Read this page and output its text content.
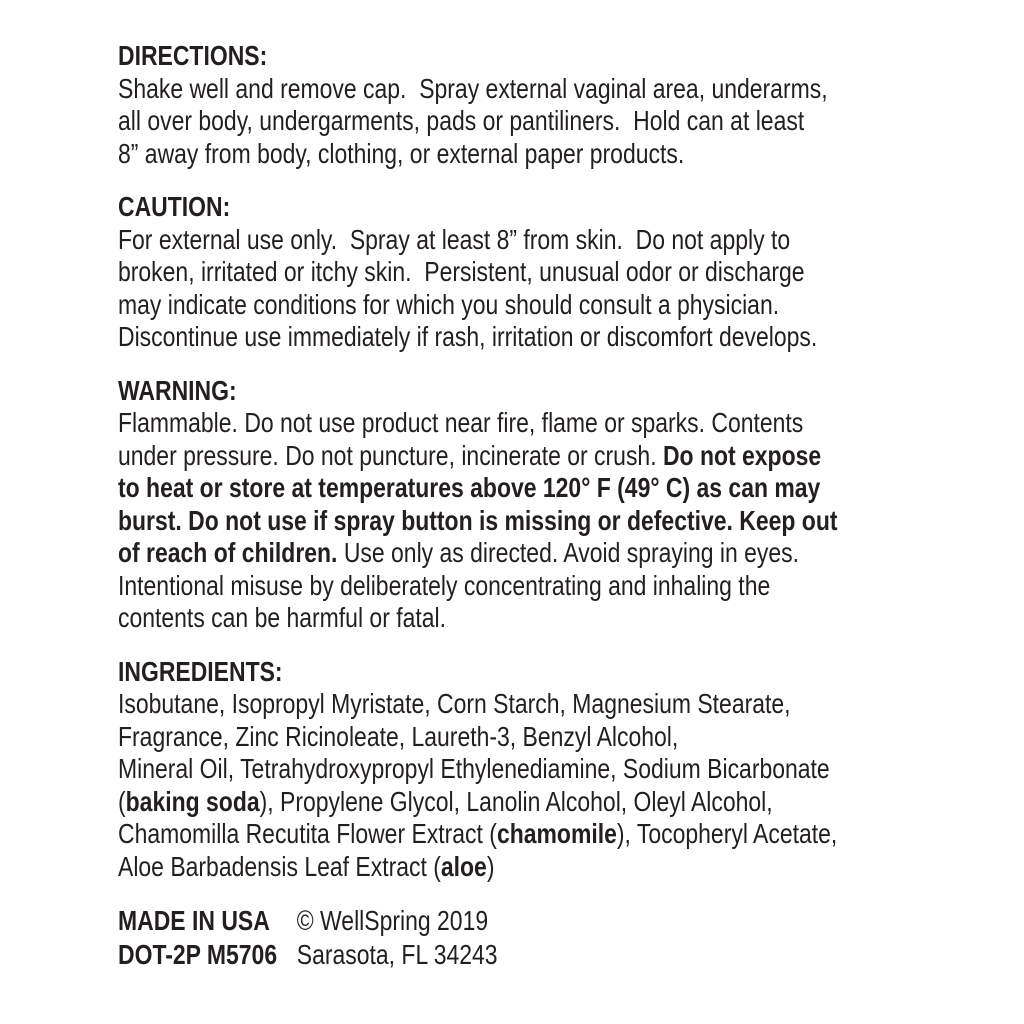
DIRECTIONS:
Shake well and remove cap.  Spray external vaginal area, underarms,
all over body, undergarments, pads or pantiliners.  Hold can at least
8” away from body, clothing, or external paper products.
CAUTION:
For external use only.  Spray at least 8” from skin.  Do not apply to
broken, irritated or itchy skin.  Persistent, unusual odor or discharge
may indicate conditions for which you should consult a physician.
Discontinue use immediately if rash, irritation or discomfort develops.
WARNING:
Flammable. Do not use product near fire, flame or sparks. Contents
under pressure. Do not puncture, incinerate or crush. Do not expose
to heat or store at temperatures above 120° F (49° C) as can may
burst. Do not use if spray button is missing or defective. Keep out
of reach of children. Use only as directed. Avoid spraying in eyes.
Intentional misuse by deliberately concentrating and inhaling the
contents can be harmful or fatal.
INGREDIENTS:
Isobutane, Isopropyl Myristate, Corn Starch, Magnesium Stearate,
Fragrance, Zinc Ricinoleate, Laureth-3, Benzyl Alcohol,
Mineral Oil, Tetrahydroxypropyl Ethylenediamine, Sodium Bicarbonate
(baking soda), Propylene Glycol, Lanolin Alcohol, Oleyl Alcohol,
Chamomilla Recutita Flower Extract (chamomile), Tocopheryl Acetate,
Aloe Barbadensis Leaf Extract (aloe)
MADE IN USA © WellSpring 2019
DOT-2P M5706 Sarasota, FL 34243
